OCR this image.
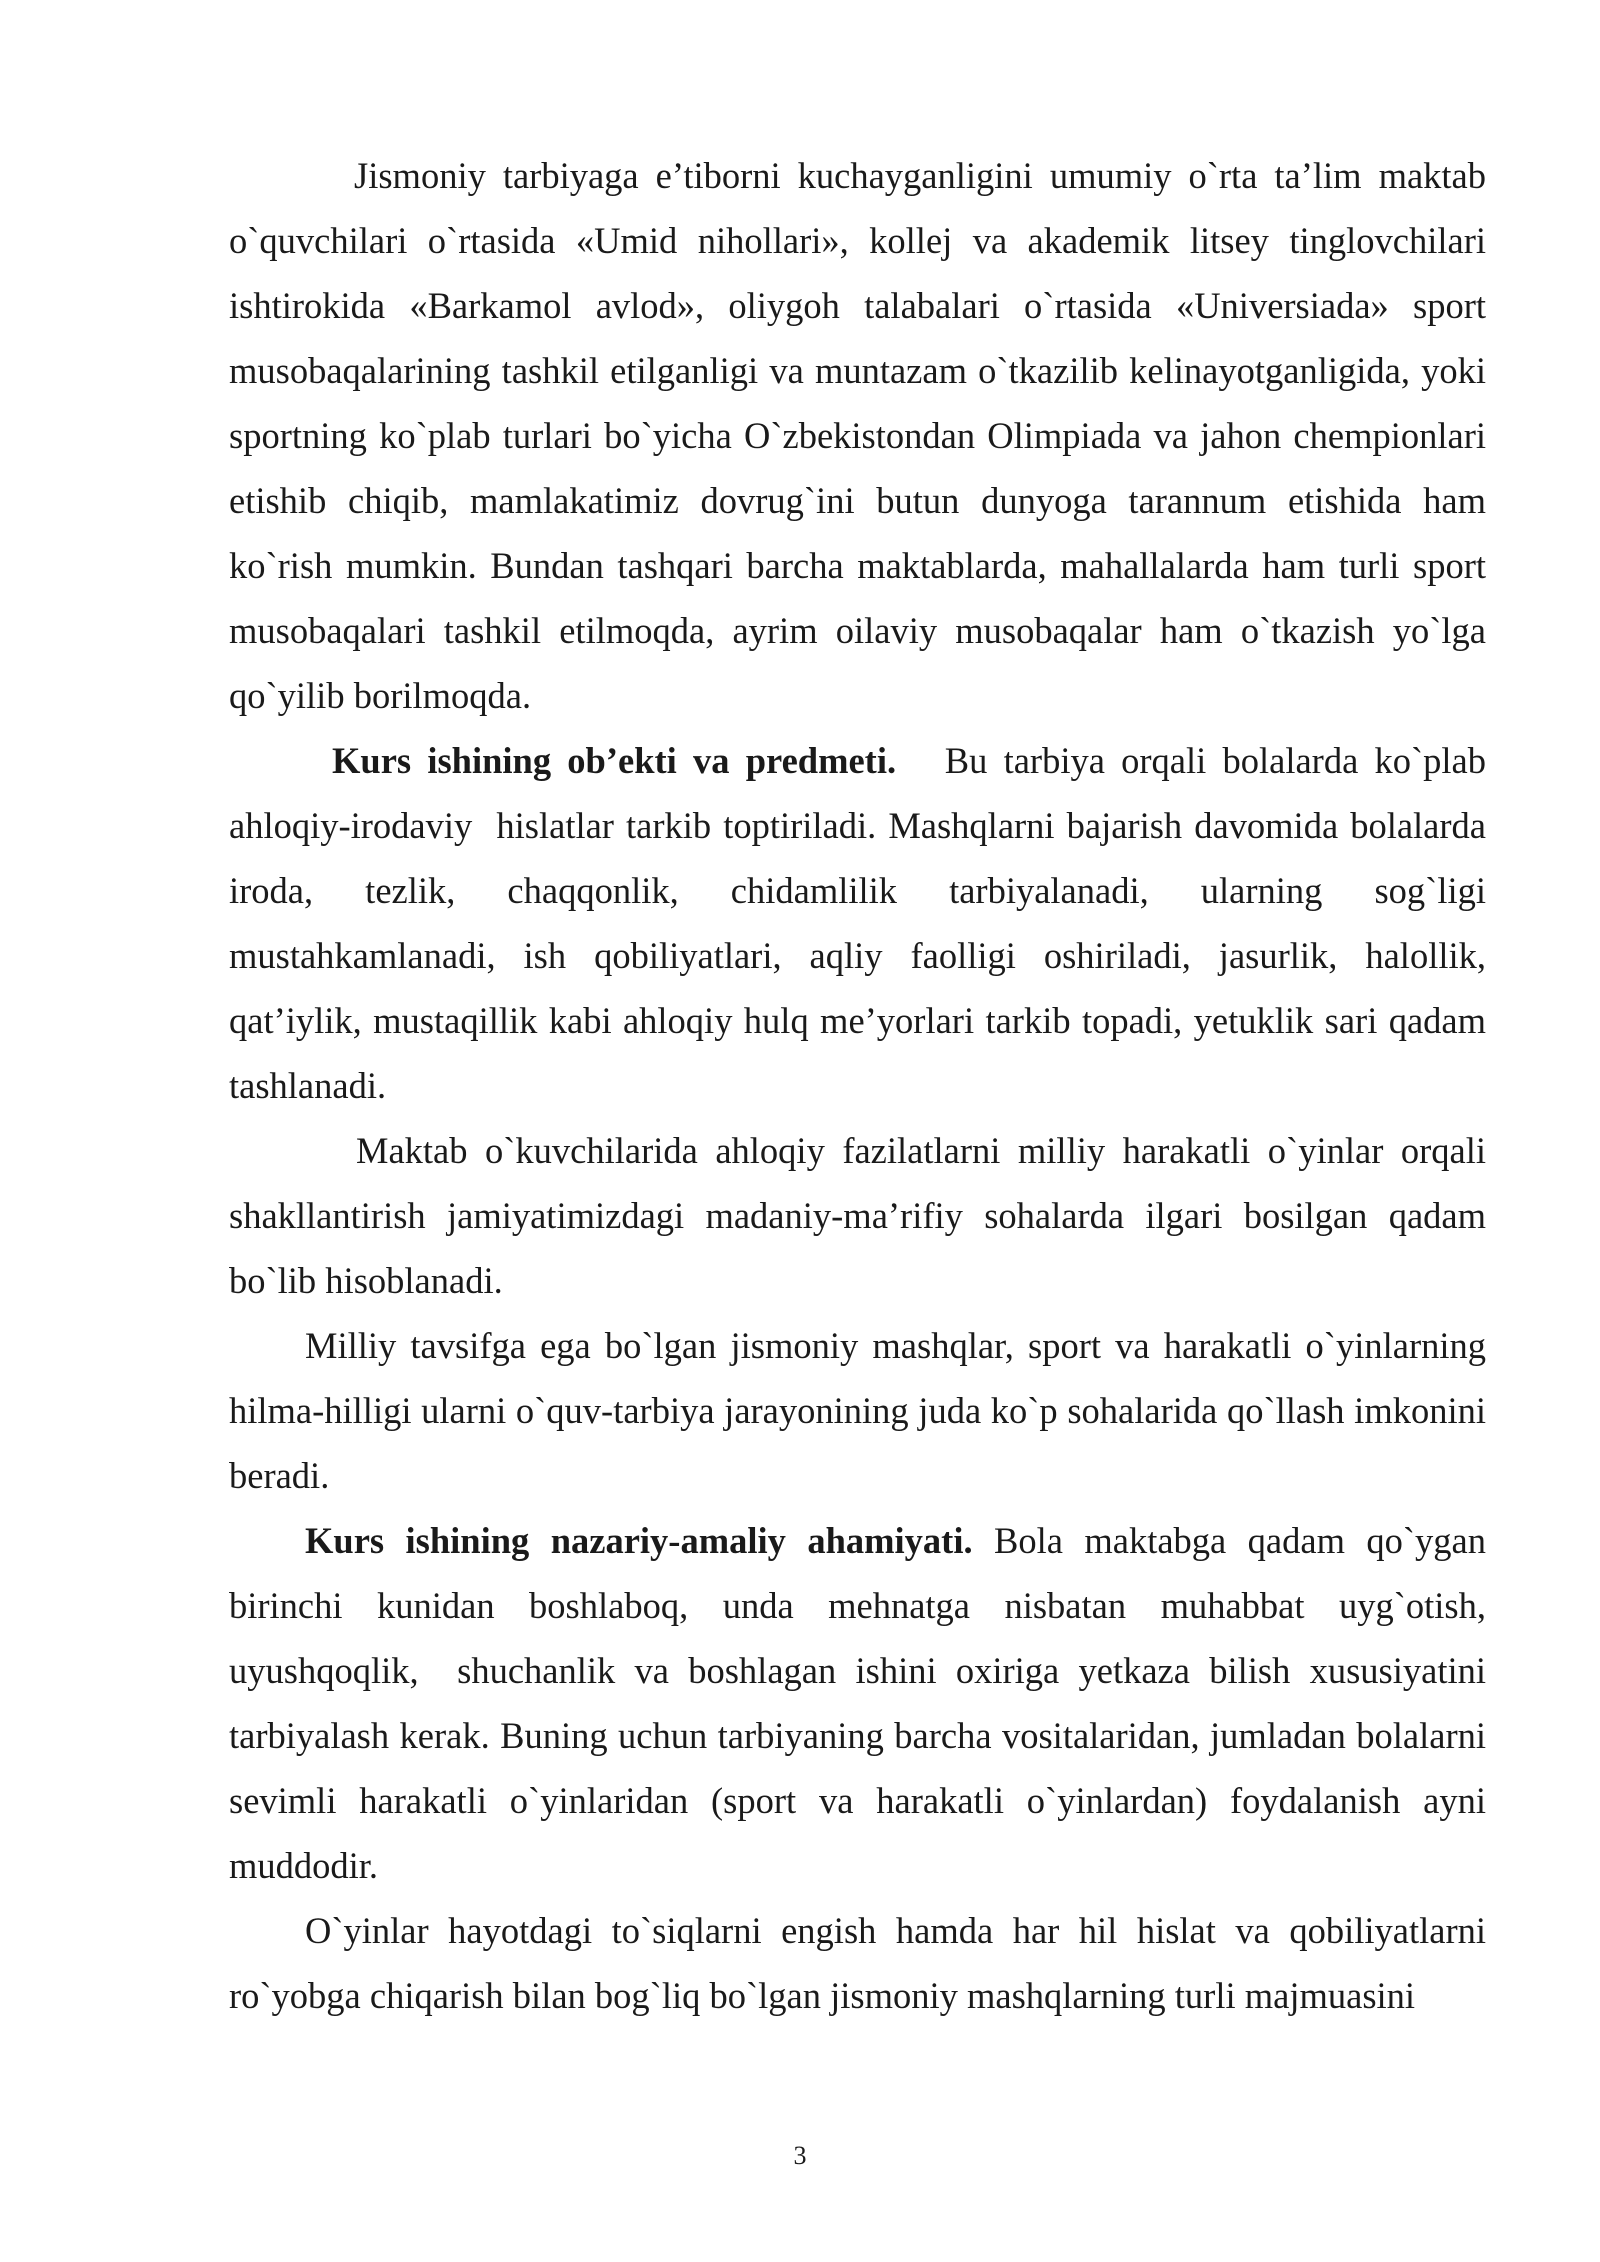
Jismoniy tarbiyaga e’tiborni kuchayganligini umumiy o`rta ta’lim maktab o`quvchilari o`rtasida «Umid nihollari», kollej va akademik litsey tinglovchilari ishtirokida «Barkamol avlod», oliygoh talabalari o`rtasida «Universiada» sport musobaqalarining tashkil etilganligi va muntazam o`tkazilib kelinayotganligida, yoki sportning ko`plab turlari bo`yicha O`zbekistondan Olimpiada va jahon chempionlari etishib chiqib, mamlakatimiz dovrug`ini butun dunyoga tarannum etishida ham ko`rish mumkin. Bundan tashqari barcha maktablarda, mahallalarda ham turli sport musobaqalari tashkil etilmoqda, ayrim oilaviy musobaqalar ham o`tkazish yo`lga qo`yilib borilmoqda.

Kurs ishining ob’ekti va predmeti.   Bu tarbiya orqali bolalarda ko`plab ahloqiy-irodaviy  hislatlar tarkib toptiriladi. Mashqlarni bajarish davomida bolalarda iroda, tezlik, chaqqonlik, chidamlilik tarbiyalanadi, ularning sog`ligi mustahkamlanadi, ish qobiliyatlari, aqliy faolligi oshiriladi, jasurlik, halollik, qat’iylik, mustaqillik kabi ahloqiy hulq me’yorlari tarkib topadi, yetuklik sari qadam tashlanadi.

Maktab o`kuvchilarida ahloqiy fazilatlarni milliy harakatli o`yinlar orqali shakllantirish jamiyatimizdagi madaniy-ma’rifiy sohalarda ilgari bosilgan qadam bo`lib hisoblanadi.

Milliy tavsifga ega bo`lgan jismoniy mashqlar, sport va harakatli o`yinlarning hilma-hilligi ularni o`quv-tarbiya jarayonining juda ko`p sohalarida qo`llash imkonini beradi.

Kurs ishining nazariy-amaliy ahamiyati. Bola maktabga qadam qo`ygan birinchi kunidan boshlaboq, unda mehnatga nisbatan muhabbat uyg`otish, uyushqoqlik,  shuchanlik va boshlagan ishini oxiriga yetkaza bilish xususiyatini tarbiyalash kerak. Buning uchun tarbiyaning barcha vositalaridan, jumladan bolalarni sevimli harakatli o`yinlaridan (sport va harakatli o`yinlardan) foydalanish ayni muddodir.

O`yinlar hayotdagi to`siqlarni engish hamda har hil hislat va qobiliyatlarni ro`yobga chiqarish bilan bog`liq bo`lgan jismoniy mashqlarning turli majmuasini

3
